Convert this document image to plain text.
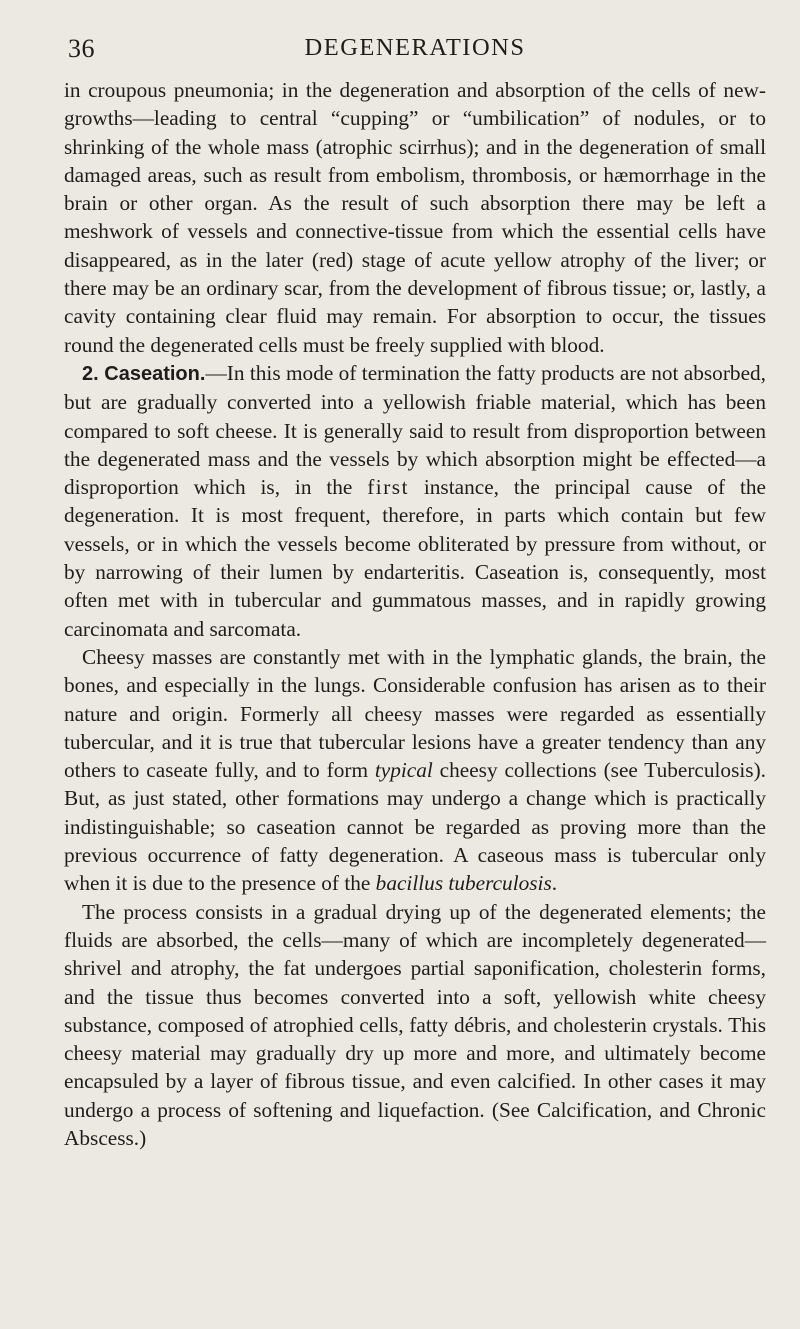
36	DEGENERATIONS

in croupous pneumonia; in the degeneration and absorption of the cells of new-growths—leading to central “cupping” or “umbilication” of nodules, or to shrinking of the whole mass (atrophic scirrhus); and in the degeneration of small damaged areas, such as result from embolism, thrombosis, or hæmorrhage in the brain or other organ. As the result of such absorption there may be left a meshwork of vessels and connective-tissue from which the essential cells have disappeared, as in the later (red) stage of acute yellow atrophy of the liver; or there may be an ordinary scar, from the development of fibrous tissue; or, lastly, a cavity containing clear fluid may remain. For absorption to occur, the tissues round the degenerated cells must be freely supplied with blood.

2. Caseation.—In this mode of termination the fatty products are not absorbed, but are gradually converted into a yellowish friable material, which has been compared to soft cheese. It is generally said to result from disproportion between the degenerated mass and the vessels by which absorption might be effected—a disproportion which is, in the first instance, the principal cause of the degeneration. It is most frequent, therefore, in parts which contain but few vessels, or in which the vessels become obliterated by pressure from without, or by narrowing of their lumen by endarteritis. Caseation is, consequently, most often met with in tubercular and gummatous masses, and in rapidly growing carcinomata and sarcomata.

Cheesy masses are constantly met with in the lymphatic glands, the brain, the bones, and especially in the lungs. Considerable confusion has arisen as to their nature and origin. Formerly all cheesy masses were regarded as essentially tubercular, and it is true that tubercular lesions have a greater tendency than any others to caseate fully, and to form typical cheesy collections (see Tuberculosis). But, as just stated, other formations may undergo a change which is practically indistinguishable; so caseation cannot be regarded as proving more than the previous occurrence of fatty degeneration. A caseous mass is tubercular only when it is due to the presence of the bacillus tuberculosis.

The process consists in a gradual drying up of the degenerated elements; the fluids are absorbed, the cells—many of which are incompletely degenerated—shrivel and atrophy, the fat undergoes partial saponification, cholesterin forms, and the tissue thus becomes converted into a soft, yellowish white cheesy substance, composed of atrophied cells, fatty débris, and cholesterin crystals. This cheesy material may gradually dry up more and more, and ultimately become encapsuled by a layer of fibrous tissue, and even calcified. In other cases it may undergo a process of softening and liquefaction. (See Calcification, and Chronic Abscess.)
